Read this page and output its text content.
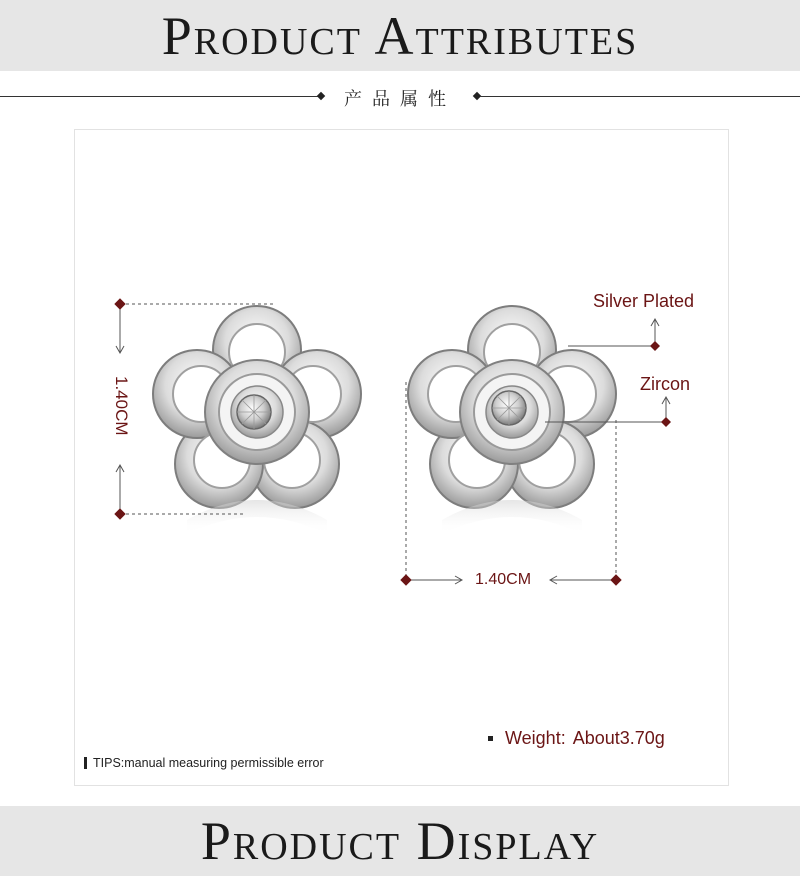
Product Attributes
产品属性
1.40CM
1.40CM
Silver Plated
Zircon
Weight: About3.70g
TIPS:manual measuring permissible error
Product Display
